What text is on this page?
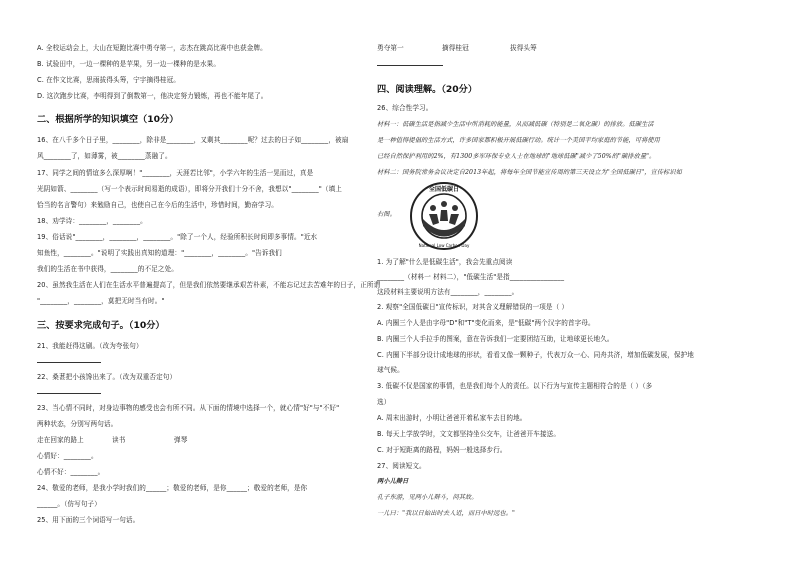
A. 全校运动会上，大山在短跑比赛中勇夺第一，志杰在跳高比赛中也获金牌。
B. 试验田中，一边一棵种的是苹果，另一边一棵种的是水果。
C. 在作文比赛，思雨拔得头筹，宁宇摘得桂冠。
D. 这次跑步比赛，李明得到了倒数第一，他决定努力锻炼，再也不能年尾了。
二、根据所学的知识填空（10分）
16、在八千多个日子里，________，除非是________，又剩其________呢？过去的日子如________，被扇
风________了，如薄雾，被________蒸融了。
17、同学之间的情谊多么深厚啊！"________，天涯若比邻"，小学六年的生活一晃而过，真是
光阴如箭、________（写一个表示时间易逝的成语），即将分开我们十分不舍，我想以"________"（填上
恰当的名言警句）来勉励自己，也使自己在今后的生活中，珍惜时间，勤奋学习。
18、劝学诗：________，________。
19、俗话说"________，________，________。"除了一个人，经验所积长时间即多事情。"近水
知鱼性，________。"说明了实践出真知的道理："________，________。"告诉我们
我们的生活在书中获得，________的不足之处。
20、虽然我生活在人们在生活水平普遍提高了，但是我们依然要继承艰苦朴素，不能忘记过去苦难年的日子，正所谓
"________，________，莫把无时当有时。"
三、按要求完成句子。（10分）
21、我能赶得这刷。（改为夸张句）
22、桑葚把小孩馋出来了。（改为双重否定句）
23、当心情不同时，对身边事物的感受也会有所不同。从下面的情境中选择一个，就心情"好"与"不好"
两种状态，分别写两句话。
走在回家的路上	读书	弹琴
心情好：________。
心情不好：________。
24、敬爱的老师，是我小学时我们的______；敬爱的老师，是你______；敬爱的老师，是你
______。（仿写句子）
25、用下面的三个词语写一句话。
勇夺第一	摘得桂冠	拔得头筹
四、阅读理解。（20分）
26、综合性学习。
材料一：低碳生活是指减少生活中所消耗的能量，从而减低碳（特别是二氧化碳）的排放。低碳生活
是一种值得提倡的生活方式，许多国家都积极开展低碳行动。统计一个美国平均家庭的节能，可将使用
已经自然保护利用的2%，有1300多军环保专业人士在地球的"地球低碳"减少了50%的"碳排放量"。
材料二：国务院常务会议决定自2013年起，将每年全国节能宣传周的第三天设立为"全国低碳日"，宣传标识如
右图。
全国低碳日
National Low Carbon Day
1. 为了解"什么是低碳生活"，我会先重点阅读
________（材料一 材料二），"低碳生活"是指________________
这段材料主要说明方法有________，________。
2. 观察"全国低碳日"宣传标识，对其含义理解错误的一项是（ ）
A. 内圈三个人是由字母"D"和"T"变化而来，是"低碳"两个汉字的首字母。
B. 内圈三个人手拉手的图案，意在告诉我们一定要团结互助，让地球更长地久。
C. 内圈下半部分设计成地球的形状，看看又像一颗种子，代表万众一心、同舟共济，增加低碳发展，保护地
球气候。
3. 低碳不仅是国家的事情，也是我们每个人的责任。以下行为与宣传主题相符合的是（ ）（多
选）
A. 周末出游时，小明让爸爸开着私家车去目的地。
B. 每天上学放学时，文文都坚持坐公交车，让爸爸开车接送。
C. 对于短距离的路程，妈妈一般选择步行。
27、阅读短文。
两小儿辩日
孔子东游，见两小儿辩斗，问其故。
一儿曰："我以日始出时去人近，而日中时远也。"
